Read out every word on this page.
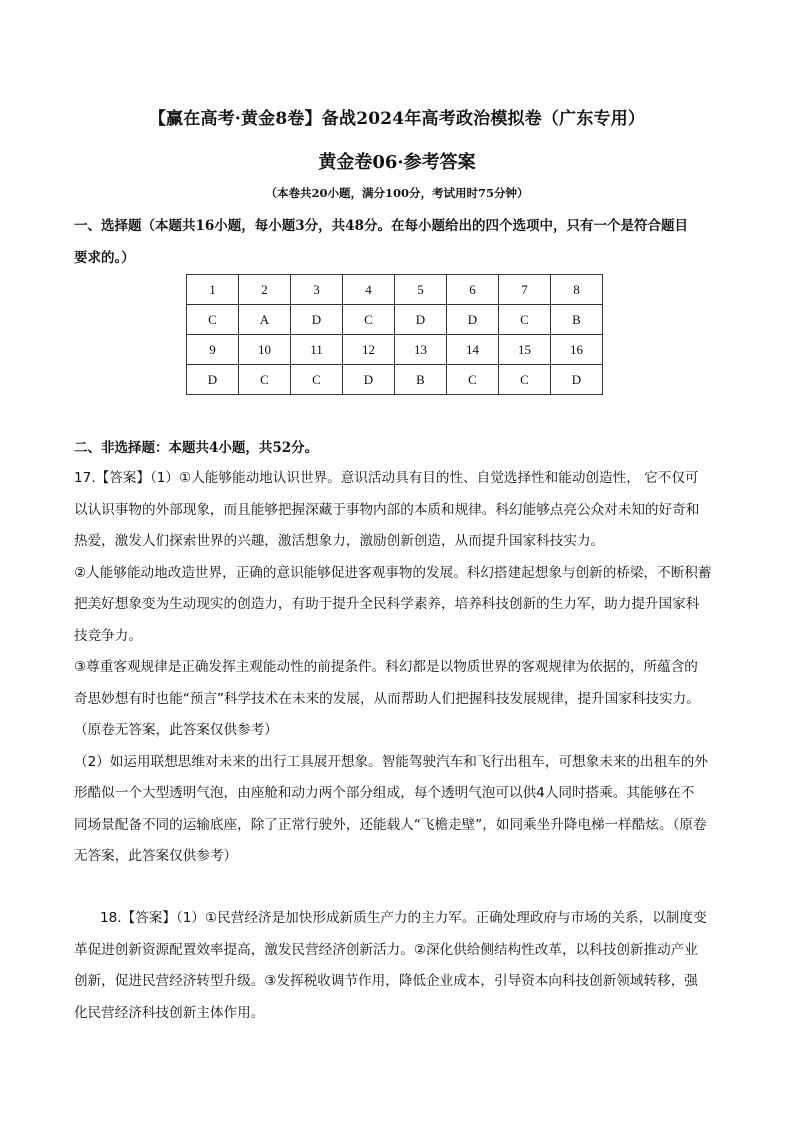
【赢在高考·黄金8卷】备战2024年高考政治模拟卷（广东专用）
黄金卷06·参考答案
（本卷共20小题，满分100分，考试用时75分钟）
一、选择题（本题共16小题，每小题3分，共48分。在每小题给出的四个选项中，只有一个是符合题目
要求的。）
1	2	3	4	5	6	7	8
C	A	D	C	D	D	C	B
9	10	11	12	13	14	15	16
D	C	C	D	B	C	C	D
二、非选择题：本题共4小题，共52分。
17.【答案】（1）①人能够能动地认识世界。意识活动具有目的性、自觉选择性和能动创造性， 它不仅可
以认识事物的外部现象，而且能够把握深藏于事物内部的本质和规律。科幻能够点亮公众对未知的好奇和
热爱，激发人们探索世界的兴趣，激活想象力，激励创新创造，从而提升国家科技实力。
②人能够能动地改造世界，正确的意识能够促进客观事物的发展。科幻搭建起想象与创新的桥梁，不断积蓄
把美好想象变为生动现实的创造力，有助于提升全民科学素养，培养科技创新的生力军，助力提升国家科
技竞争力。
③尊重客观规律是正确发挥主观能动性的前提条件。科幻都是以物质世界的客观规律为依据的，所蕴含的
奇思妙想有时也能“预言”科学技术在未来的发展，从而帮助人们把握科技发展规律，提升国家科技实力。
（原卷无答案，此答案仅供参考）
（2）如运用联想思维对未来的出行工具展开想象。智能驾驶汽车和飞行出租车，可想象未来的出租车的外
形酷似一个大型透明气泡，由座舱和动力两个部分组成，每个透明气泡可以供4人同时搭乘。其能够在不
同场景配备不同的运输底座，除了正常行驶外，还能载人“飞檐走壁”，如同乘坐升降电梯一样酷炫。（原卷
无答案，此答案仅供参考）
18.【答案】（1）①民营经济是加快形成新质生产力的主力军。正确处理政府与市场的关系，以制度变
革促进创新资源配置效率提高，激发民营经济创新活力。②深化供给侧结构性改革，以科技创新推动产业
创新，促进民营经济转型升级。③发挥税收调节作用，降低企业成本，引导资本向科技创新领域转移，强
化民营经济科技创新主体作用。
